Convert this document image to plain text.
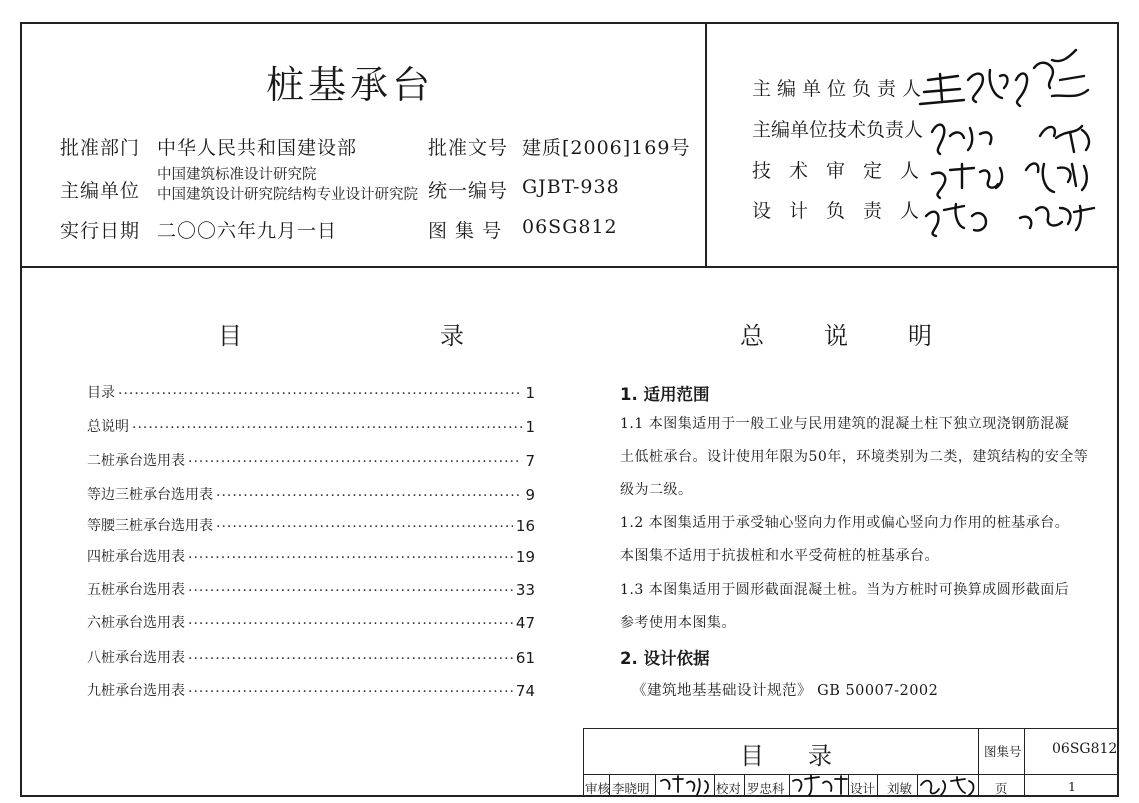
桩基承台
批准部门 中华人民共和国建设部
主编单位
中国建筑标准设计研究院
中国建筑设计研究院结构专业设计研究院
实行日期 二〇〇六年九月一日
批准文号 建质[2006]169号
统一编号 GJBT-938
图 集 号 06SG812
主编单位负责人
主编单位技术负责人
技术审定人
设计负责人
目　　录
目录 ·····	1
总说明 ·····	1
二桩承台选用表 ·····	7
等边三桩承台选用表 ·····	9
等腰三桩承台选用表 ·····	16
四桩承台选用表 ·····	19
五桩承台选用表 ·····	33
六桩承台选用表 ·····	47
八桩承台选用表 ·····	61
九桩承台选用表 ·····	74
总　说　明
1. 适用范围
1.1 本图集适用于一般工业与民用建筑的混凝土柱下独立现浇钢筋混凝
土低桩承台。设计使用年限为50年，环境类别为二类，建筑结构的安全等
级为二级。
1.2 本图集适用于承受轴心竖向力作用或偏心竖向力作用的桩基承台。
本图集不适用于抗拔桩和水平受荷桩的桩基承台。
1.3 本图集适用于圆形截面混凝土桩。当为方桩时可换算成圆形截面后
参考使用本图集。
2. 设计依据
《建筑地基基础设计规范》 GB 50007-2002
目　录	图集号 06SG812
页	1
审核 李晓明	校对 罗忠科	设计 刘敏
